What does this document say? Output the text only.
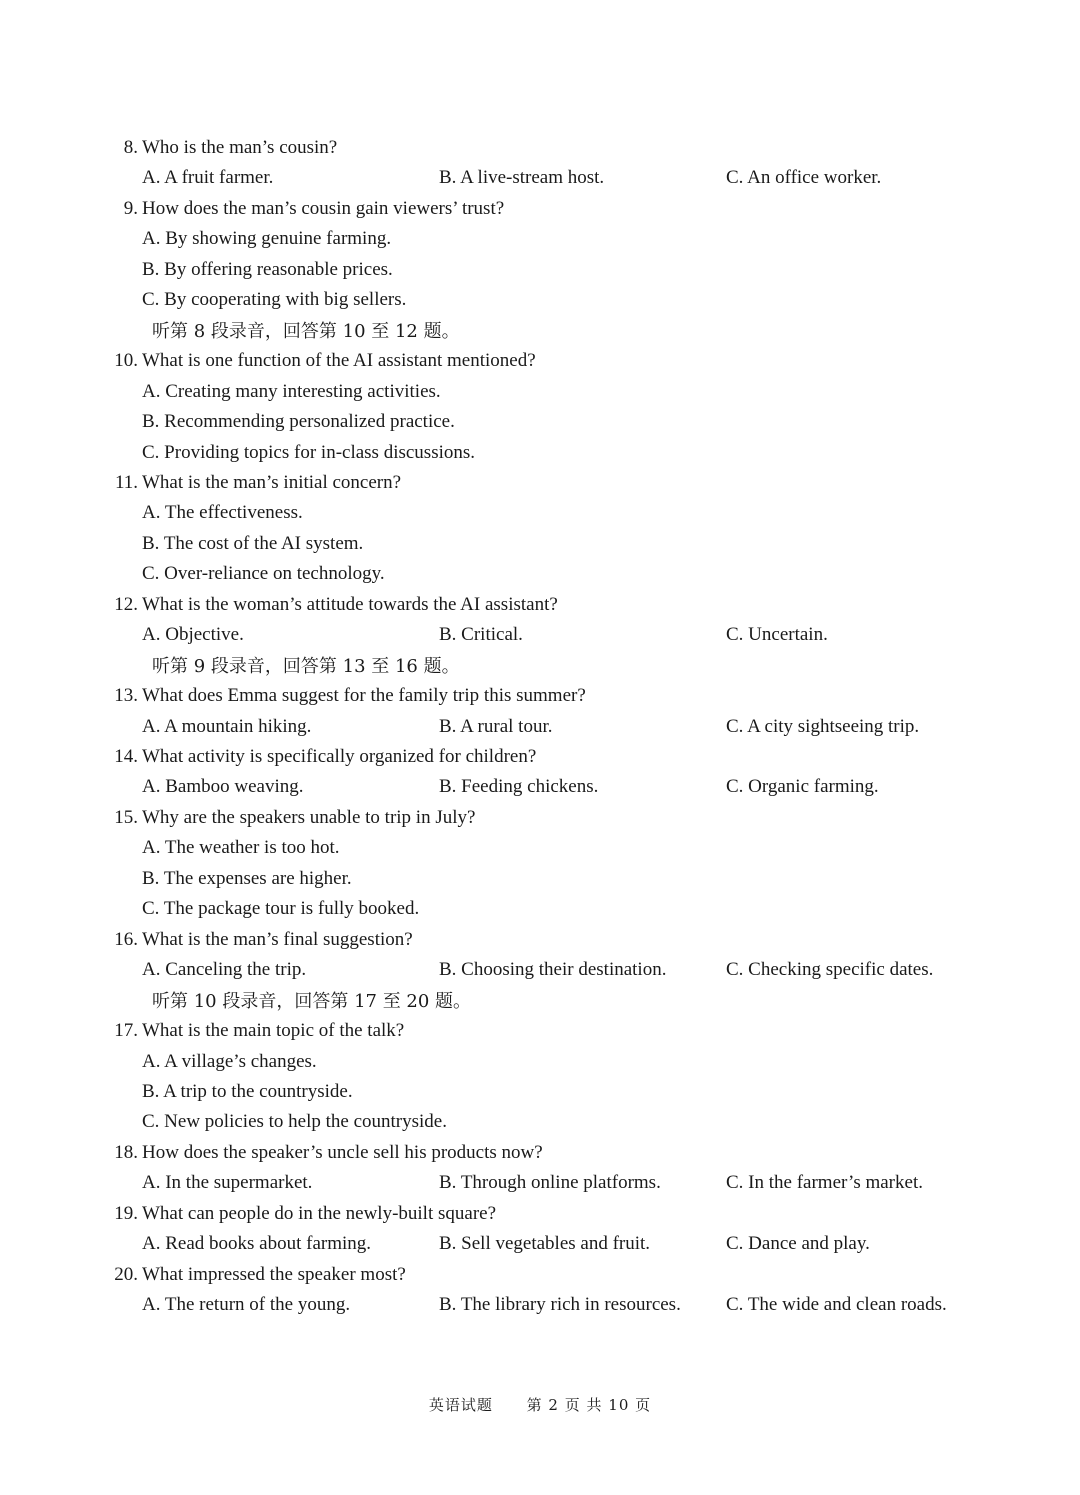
8. Who is the man’s cousin?
A. A fruit farmer.	B. A live-stream host.	C. An office worker.
9. How does the man’s cousin gain viewers’ trust?
A. By showing genuine farming.
B. By offering reasonable prices.
C. By cooperating with big sellers.
听第 8 段录音，回答第 10 至 12 题。
10. What is one function of the AI assistant mentioned?
A. Creating many interesting activities.
B. Recommending personalized practice.
C. Providing topics for in-class discussions.
11. What is the man’s initial concern?
A. The effectiveness.
B. The cost of the AI system.
C. Over-reliance on technology.
12. What is the woman’s attitude towards the AI assistant?
A. Objective.	B. Critical.	C. Uncertain.
听第 9 段录音，回答第 13 至 16 题。
13. What does Emma suggest for the family trip this summer?
A. A mountain hiking.	B. A rural tour.	C. A city sightseeing trip.
14. What activity is specifically organized for children?
A. Bamboo weaving.	B. Feeding chickens.	C. Organic farming.
15. Why are the speakers unable to trip in July?
A. The weather is too hot.
B. The expenses are higher.
C. The package tour is fully booked.
16. What is the man’s final suggestion?
A. Canceling the trip.	B. Choosing their destination.	C. Checking specific dates.
听第 10 段录音，回答第 17 至 20 题。
17. What is the main topic of the talk?
A. A village’s changes.
B. A trip to the countryside.
C. New policies to help the countryside.
18. How does the speaker’s uncle sell his products now?
A. In the supermarket.	B. Through online platforms.	C. In the farmer’s market.
19. What can people do in the newly-built square?
A. Read books about farming.	B. Sell vegetables and fruit.	C. Dance and play.
20. What impressed the speaker most?
A. The return of the young.	B. The library rich in resources. C. The wide and clean roads.
英语试题 第 2 页 共 10 页
